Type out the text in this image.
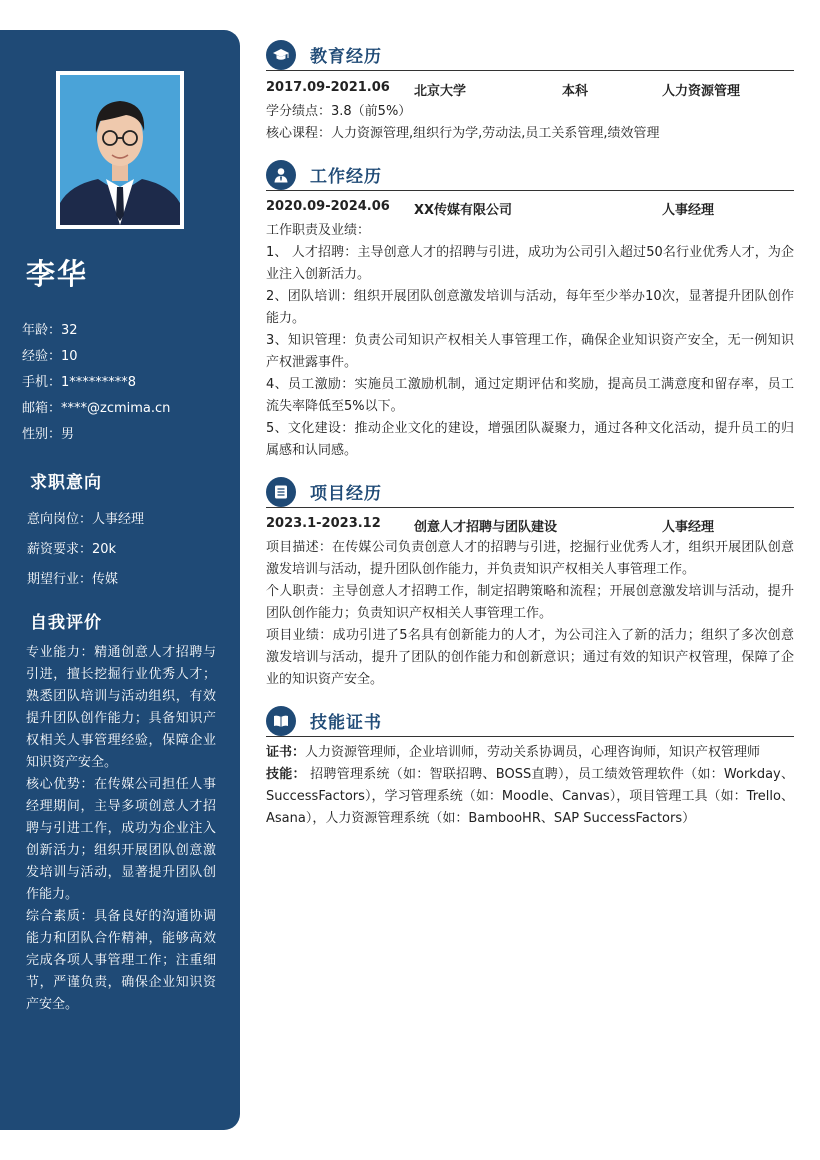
李华
年龄：32
经验：10
手机：1*********8
邮箱：****@zcmima.cn
性别：男
求职意向
意向岗位：人事经理
薪资要求：20k
期望行业：传媒
自我评价

专业能力：精通创意人才招聘与引进，擅长挖掘行业优秀人才；熟悉团队培训与活动组织，有效提升团队创作能力；具备知识产权相关人事管理经验，保障企业知识资产安全。

核心优势：在传媒公司担任人事经理期间，主导多项创意人才招聘与引进工作，成功为企业注入创新活力；组织开展团队创意激发培训与活动，显著提升团队创作能力。

综合素质：具备良好的沟通协调能力和团队合作精神，能够高效完成各项人事管理工作；注重细节，严谨负责，确保企业知识资产安全。

教育经历
2017.09-2021.06 北京大学	本科	人力资源管理

学分绩点：3.8（前5%）

核心课程：人力资源管理,组织行为学,劳动法,员工关系管理,绩效管理

工作经历
2020.09-2024.06 XX传媒有限公司	人事经理

工作职责及业绩：

1、 人才招聘：主导创意人才的招聘与引进，成功为公司引入超过50名行业优秀人才，为企业注入创新活力。

2、团队培训：组织开展团队创意激发培训与活动，每年至少举办10次，显著提升团队创作能力。

3、知识管理：负责公司知识产权相关人事管理工作，确保企业知识资产安全，无一例知识产权泄露事件。

4、员工激励：实施员工激励机制，通过定期评估和奖励，提高员工满意度和留存率，员工流失率降低至5%以下。

5、文化建设：推动企业文化的建设，增强团队凝聚力，通过各种文化活动，提升员工的归属感和认同感。

项目经历
2023.1-2023.12	创意人才招聘与团队建设	人事经理

项目描述：在传媒公司负责创意人才的招聘与引进，挖掘行业优秀人才，组织开展团队创意激发培训与活动，提升团队创作能力，并负责知识产权相关人事管理工作。

个人职责：主导创意人才招聘工作，制定招聘策略和流程；开展创意激发培训与活动，提升团队创作能力；负责知识产权相关人事管理工作。

项目业绩：成功引进了5名具有创新能力的人才，为公司注入了新的活力；组织了多次创意激发培训与活动，提升了团队的创作能力和创新意识；通过有效的知识产权管理，保障了企业的知识资产安全。

技能证书

证书：人力资源管理师，企业培训师，劳动关系协调员，心理咨询师，知识产权管理师

技能： 招聘管理系统（如：智联招聘、BOSS直聘），员工绩效管理软件（如：Workday、SuccessFactors），学习管理系统（如：Moodle、Canvas），项目管理工具（如：Trello、Asana），人力资源管理系统（如：BambooHR、SAP SuccessFactors）
